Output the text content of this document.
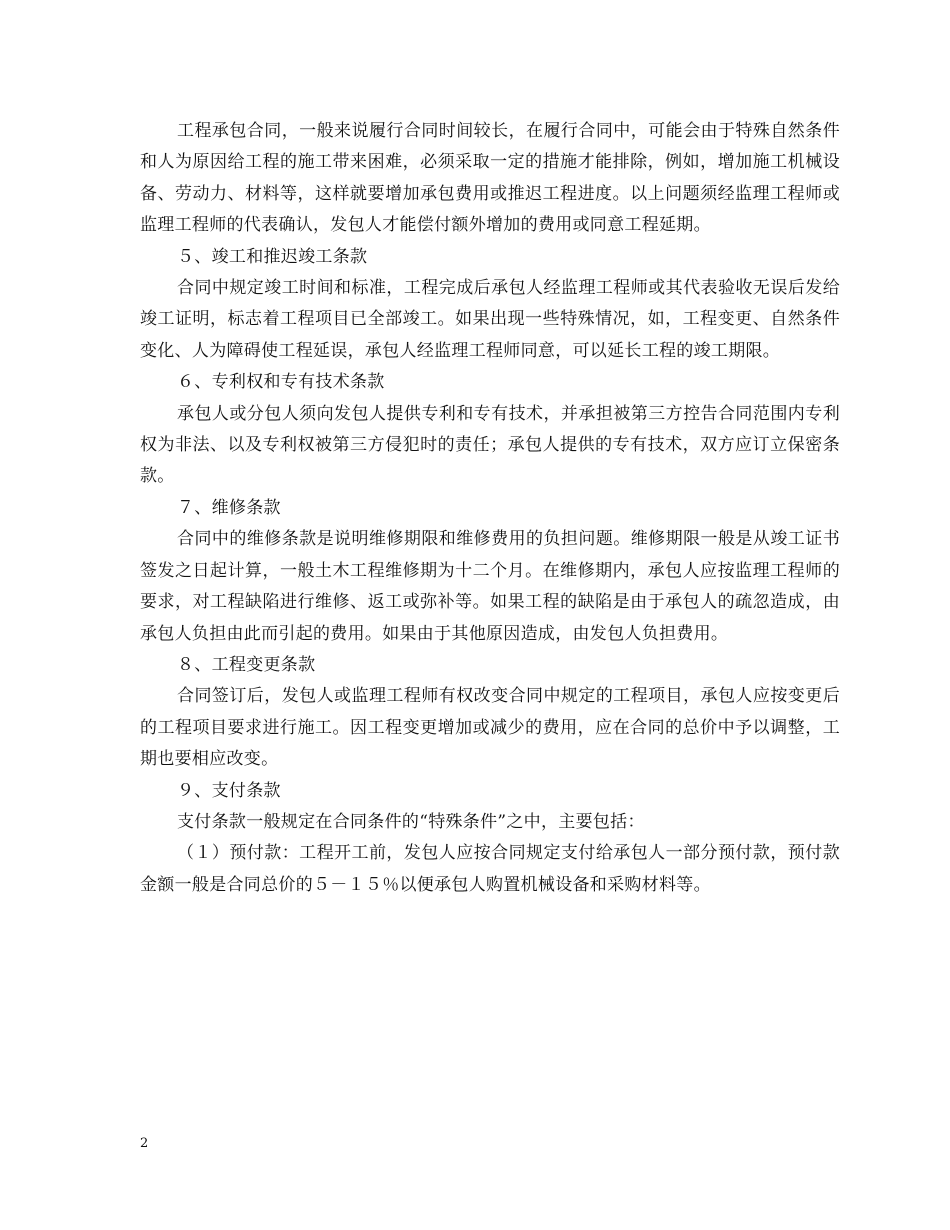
工程承包合同，一般来说履行合同时间较长，在履行合同中，可能会由于特殊自然条件和人为原因给工程的施工带来困难，必须采取一定的措施才能排除，例如，增加施工机械设备、劳动力、材料等，这样就要增加承包费用或推迟工程进度。以上问题须经监理工程师或监理工程师的代表确认，发包人才能偿付额外增加的费用或同意工程延期。

５、竣工和推迟竣工条款

合同中规定竣工时间和标准，工程完成后承包人经监理工程师或其代表验收无误后发给竣工证明，标志着工程项目已全部竣工。如果出现一些特殊情况，如，工程变更、自然条件变化、人为障碍使工程延误，承包人经监理工程师同意，可以延长工程的竣工期限。

６、专利权和专有技术条款

承包人或分包人须向发包人提供专利和专有技术，并承担被第三方控告合同范围内专利权为非法、以及专利权被第三方侵犯时的责任；承包人提供的专有技术，双方应订立保密条款。

７、维修条款

合同中的维修条款是说明维修期限和维修费用的负担问题。维修期限一般是从竣工证书签发之日起计算，一般土木工程维修期为十二个月。在维修期内，承包人应按监理工程师的要求，对工程缺陷进行维修、返工或弥补等。如果工程的缺陷是由于承包人的疏忽造成，由承包人负担由此而引起的费用。如果由于其他原因造成，由发包人负担费用。

８、工程变更条款

合同签订后，发包人或监理工程师有权改变合同中规定的工程项目，承包人应按变更后的工程项目要求进行施工。因工程变更增加或减少的费用，应在合同的总价中予以调整，工期也要相应改变。

９、支付条款

支付条款一般规定在合同条件的“特殊条件”之中，主要包括：

（１）预付款：工程开工前，发包人应按合同规定支付给承包人一部分预付款，预付款金额一般是合同总价的５－１５％以便承包人购置机械设备和采购材料等。

2
